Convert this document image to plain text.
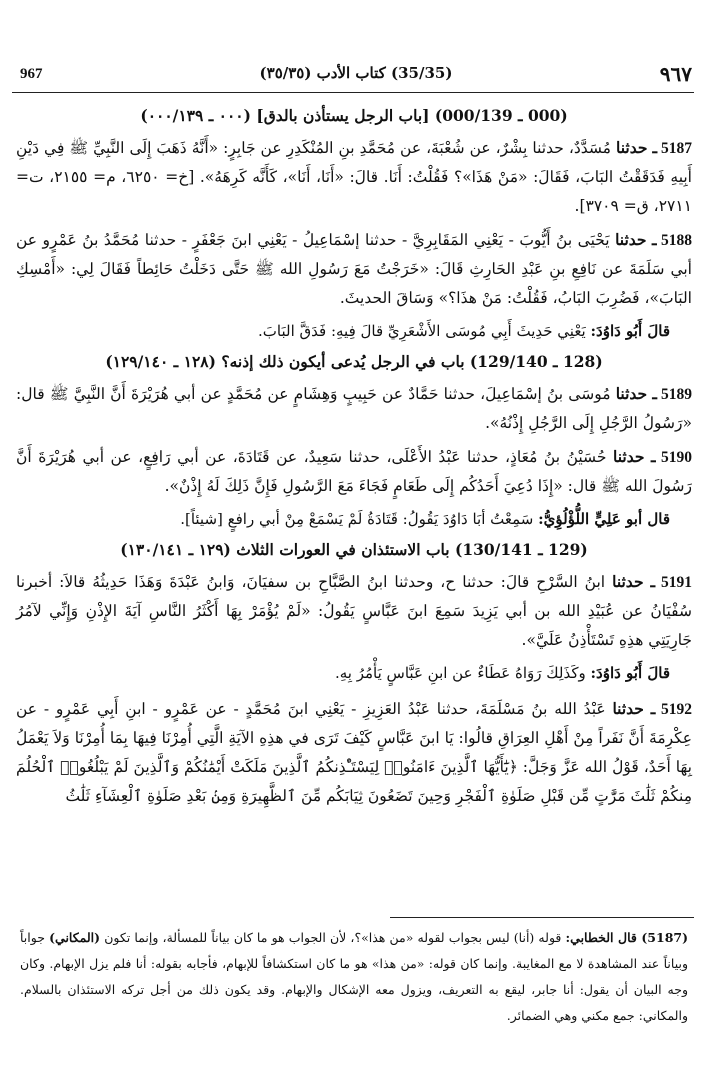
967	(35/35) كتاب الأدب (٣٥/٣٥)	٩٦٧
(000 ـ 000/139) [باب الرجل يستأذن بالدق] (٠٠٠ ـ ٠٠٠/١٣٩)

5187 ـ حدثنا مُسَدَّدٌ، حدثنا بِشْرٌ، عن شُعْبَةَ، عن مُحَمَّدِ بنِ المُنْكَدِرِ عن جَابِرٍ: «أَنَّهُ ذَهَبَ إِلَى النَّبِيِّ ﷺ فِي دَيْنِ أَبِيهِ فَدَقَقْتُ البَابَ، فَقَالَ: «مَنْ هَذَا»؟ فَقُلْتُ: أَنَا. قالَ: «أَنَا، أَنَا»، كَأَنَّه كَرِهَهُ». [خ= ٦٢٥٠، م= ٢١٥٥، ت= ٢٧١١، ق= ٣٧٠٩].

5188 ـ حدثنا يَحْيَى بنُ أَيُّوبَ - يَعْنِي المَقَابِرِيَّ - حدثنا إسْمَاعِيلُ - يَعْنِي ابنَ جَعْفَرٍ - حدثنا مُحَمَّدُ بنُ عَمْرٍو عن أبي سَلَمَةَ عن نَافِعِ بنِ عَبْدِ الحَارِثِ قَالَ: «خَرَجْتُ مَعَ رَسُولِ الله ﷺ حَتَّى دَخَلْتُ حَائِطاً فَقَالَ لِي: «أَمْسِكِ البَابَ»، فَضُرِبَ البَابُ، فَقُلْتُ: مَنْ هذَا؟» وَسَاقَ الحديثَ.

قالَ أَبُو دَاوُدَ: يَعْنِي حَدِيثَ أَبِي مُوسَى الأَشْعَرِيِّ قالَ فِيهِ: فَدَقَّ البَابَ.

(128 ـ 129/140) باب في الرجل يُدعى أيكون ذلك إذنه؟ (١٢٨ ـ ١٢٩/١٤٠)

5189 ـ حدثنا مُوسَى بنُ إسْمَاعِيلَ، حدثنا حَمَّادٌ عن حَبِيبٍ وَهِشَامٍ عن مُحَمَّدٍ عن أبي هُرَيْرَةَ أَنَّ النَّبِيَّ ﷺ قال: «رَسُولُ الرَّجُلِ إِلَى الرَّجُلِ إِذْنُهُ».

5190 ـ حدثنا حُسَيْنُ بنُ مُعَاذٍ، حدثنا عَبْدُ الأَعْلَى، حدثنا سَعِيدٌ، عن قَتَادَةَ، عن أبي رَافِعٍ، عن أبي هُرَيْرَةَ أَنَّ رَسُولَ الله ﷺ قال: «إِذَا دُعِيَ أَحَدُكُم إِلَى طَعَامٍ فَجَاءَ مَعَ الرَّسُولِ فَإِنَّ ذَلِكَ لَهُ إِذْنٌ».

قال أبو عَلِيٍّ اللُّؤْلُؤِيُّ: سَمِعْتُ أبَا دَاوُدَ يَقُولُ: قَتَادَةُ لَمْ يَسْمَعْ مِنْ أبي رافعٍ [شيئاً].

(129 ـ 130/141) باب الاستئذان في العورات الثلاث (١٢٩ ـ ١٣٠/١٤١)

5191 ـ حدثنا ابنُ السَّرْحِ قالَ: حدثنا ح، وحدثنا ابنُ الصَّبَّاحِ بن سفيَانَ، وَابنُ عَبْدَةَ وَهَذَا حَدِيثُهُ قالاَ: أخبرنا سُفْيَانُ عن عُبَيْدِ الله بن أبي يَزِيدَ سَمِعَ ابنَ عَبَّاسٍ يَقُولُ: «لَمْ يُؤْمَرْ بِهَا أَكْثَرُ النَّاسِ آيَةَ الإِذْنِ وَإِنِّي لآمُرُ جَارِيَتِي هذِهِ تَسْتَأْذِنُ عَلَيَّ».

قالَ أَبُو دَاوُدَ: وكَذَلِكَ رَوَاهُ عَطَاءٌ عن ابنِ عَبَّاسٍ يَأْمُرُ بِهِ.

5192 ـ حدثنا عَبْدُ الله بنُ مَسْلَمَةَ، حدثنا عَبْدُ العَزِيزِ - يَعْنِي ابنَ مُحَمَّدٍ - عن عَمْرٍو - ابنِ أَبِي عَمْرٍو - عن عِكْرِمَةَ أَنَّ نَفَراً مِنْ أَهْلِ العِرَاقِ قالُوا: يَا ابنَ عَبَّاسٍ كَيْفَ تَرَى في هذِهِ الآيَةِ الَّتِي أُمِرْنَا فِيهَا بِمَا أُمِرْنَا وَلاَ يَعْمَلُ بِهَا أَحَدٌ، قَوْلُ الله عَزَّ وَجَلَّ: ﴿يَٰٓأَيُّهَا ٱلَّذِينَ ءَامَنُوا۟ لِيَسْتَـْٔذِنكُمُ ٱلَّذِينَ مَلَكَتْ أَيْمَٰنُكُمْ وَٱلَّذِينَ لَمْ يَبْلُغُوا۟ ٱلْحُلُمَ مِنكُمْ ثَلَٰثَ مَرَّٰتٍ مِّن قَبْلِ صَلَوٰةِ ٱلْفَجْرِ وَحِينَ تَضَعُونَ ثِيَابَكُم مِّنَ ٱلظَّهِيرَةِ وَمِنۢ بَعْدِ صَلَوٰةِ ٱلْعِشَآءِ ثَلَٰثُ

(5187) قال الخطابي: قوله (أنا) ليس بجواب لقوله «من هذا»؟، لأن الجواب هو ما كان بياناً للمسألة، وإنما تكون (المكاني) جواباً وبياناً عند المشاهدة لا مع المغايبة. وإنما كان قوله: «من هذا» هو ما كان استكشافاً للإبهام، فأجابه بقوله: أنا فلم يزل الإبهام. وكان وجه البيان أن يقول: أنا جابر، ليقع به التعريف، ويزول معه الإشكال والإبهام. وقد يكون ذلك من أجل تركه الاستئذان بالسلام. والمكاني: جمع مكني وهي الضمائر.
